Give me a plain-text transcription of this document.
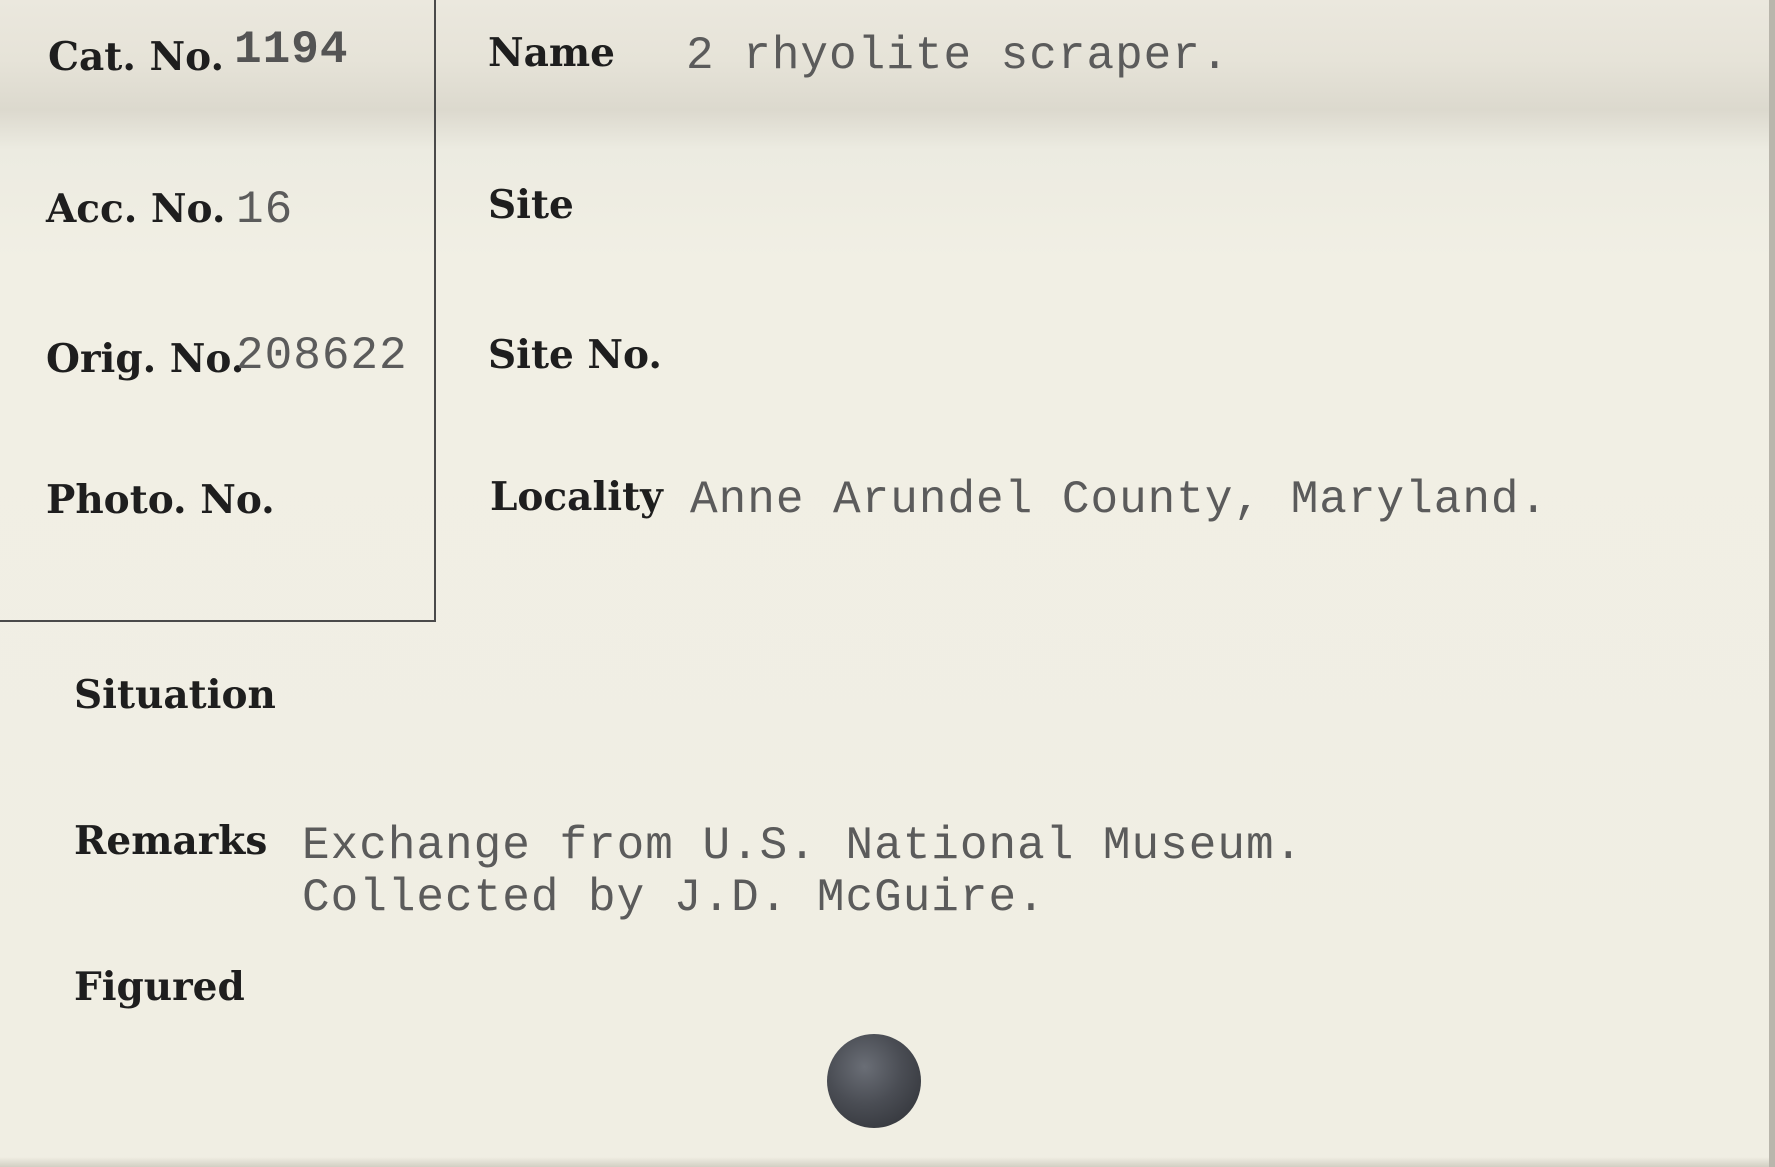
Cat. No. 1194
Acc. No. 16
Orig. No.
208622
Photo. No.
Name 2 rhyolite scraper.
Site
Site No.
Locality Anne Arundel County, Maryland.
Situation
Remarks Exchange from U.S. National Museum.
Collected by J.D. McGuire.
Figured
